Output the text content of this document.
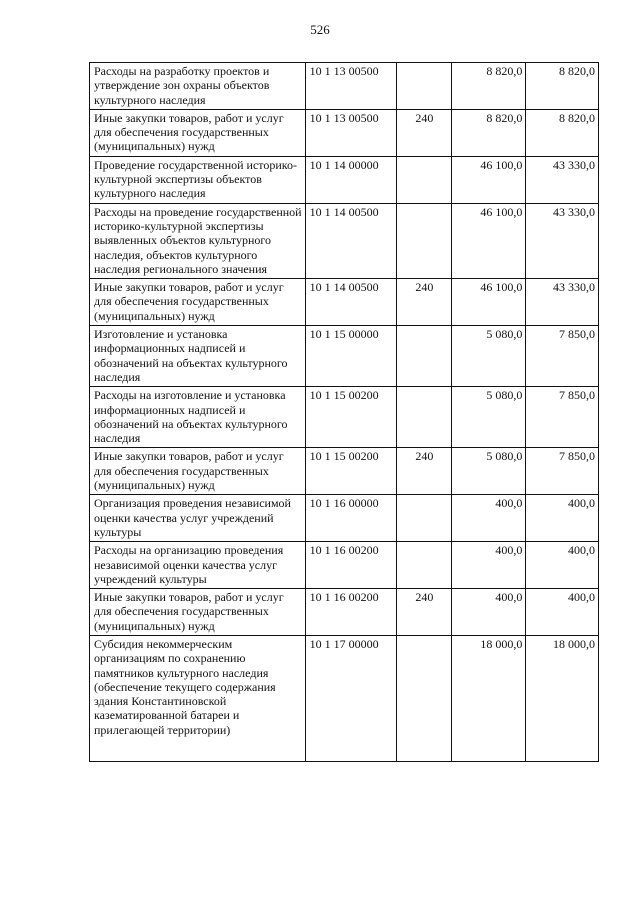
526
Расходы на разработку проектов и утверждение зон охраны объектов культурного наследия	10 1 13 00500		8 820,0	8 820,0
Иные закупки товаров, работ и услуг для обеспечения государственных (муниципальных) нужд	10 1 13 00500	240	8 820,0	8 820,0
Проведение государственной историко-культурной экспертизы объектов культурного наследия	10 1 14 00000		46 100,0	43 330,0
Расходы на проведение государственной историко-культурной экспертизы выявленных объектов культурного наследия, объектов культурного наследия регионального значения	10 1 14 00500		46 100,0	43 330,0
Иные закупки товаров, работ и услуг для обеспечения государственных (муниципальных) нужд	10 1 14 00500	240	46 100,0	43 330,0
Изготовление и установка информационных надписей и обозначений на объектах культурного наследия	10 1 15 00000		5 080,0	7 850,0
Расходы на изготовление и установка информационных надписей и обозначений на объектах культурного наследия	10 1 15 00200		5 080,0	7 850,0
Иные закупки товаров, работ и услуг для обеспечения государственных (муниципальных) нужд	10 1 15 00200	240	5 080,0	7 850,0
Организация проведения независимой оценки качества услуг учреждений культуры	10 1 16 00000		400,0	400,0
Расходы на организацию проведения независимой оценки качества услуг учреждений культуры	10 1 16 00200		400,0	400,0
Иные закупки товаров, работ и услуг для обеспечения государственных (муниципальных) нужд	10 1 16 00200	240	400,0	400,0
Субсидия некоммерческим организациям по сохранению памятников культурного наследия (обеспечение текущего содержания здания Константиновской казематированной батареи и прилегающей территории)	10 1 17 00000		18 000,0	18 000,0
